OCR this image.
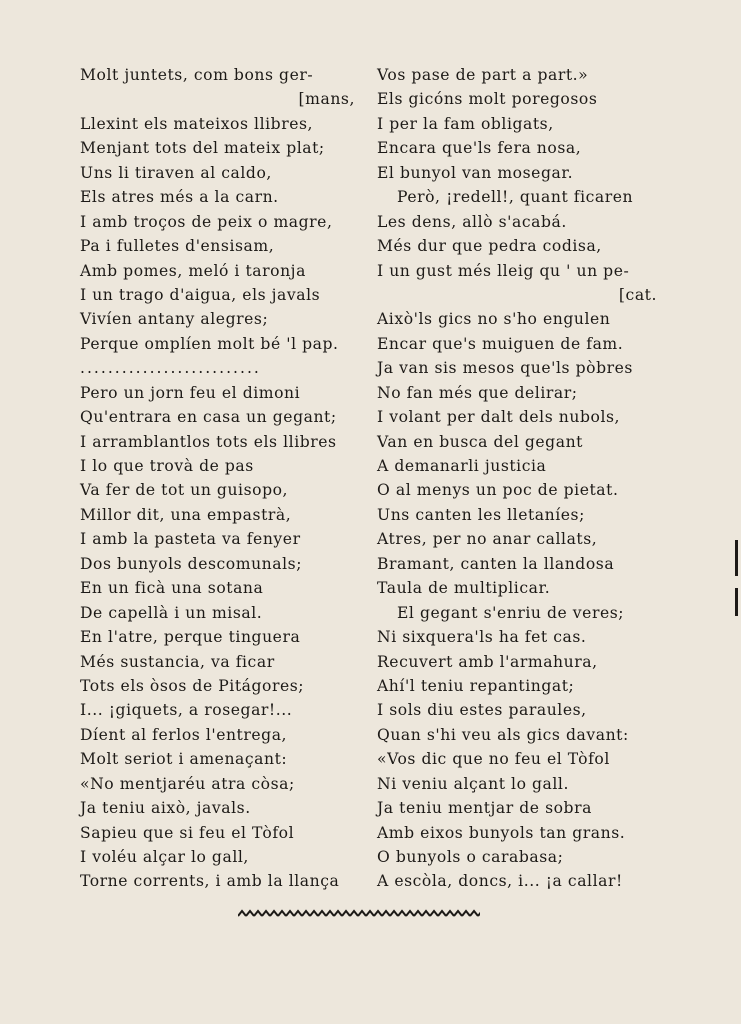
Molt juntets, com bons ger-
[mans,
Llexint els mateixos llibres,
Menjant tots del mateix plat;
Uns li tiraven al caldo,
Els atres més a la carn.
I amb troços de peix o magre,
Pa i fulletes d'ensisam,
Amb pomes, meló i taronja
I un trago d'aigua, els javals
Vivíen antany alegres;
Perque omplíen molt bé 'l pap.
..........................
Pero un jorn feu el dimoni
Qu'entrara en casa un gegant;
I arramblantlos tots els llibres
I lo que trovà de pas
Va fer de tot un guisopo,
Millor dit, una empastrà,
I amb la pasteta va fenyer
Dos bunyols descomunals;
En un ficà una sotana
De capellà i un misal.
En l'atre, perque tinguera
Més sustancia, va ficar
Tots els òsos de Pitágores;
I... ¡giquets, a rosegar!...
Díent al ferlos l'entrega,
Molt seriot i amenaçant:
«No mentjaréu atra còsa;
Ja teniu això, javals.
Sapieu que si feu el Tòfol
I voléu alçar lo gall,
Torne corrents, i amb la llança
Vos pase de part a part.»
Els gicóns molt poregosos
I per la fam obligats,
Encara que'ls fera nosa,
El bunyol van mosegar.
Però, ¡redell!, quant ficaren
Les dens, allò s'acabá.
Més dur que pedra codisa,
I un gust més lleig qu ' un pe-
[cat.
Això'ls gics no s'ho engulen
Encar que's muiguen de fam.
Ja van sis mesos que'ls pòbres
No fan més que delirar;
I volant per dalt dels nubols,
Van en busca del gegant
A demanarli justicia
O al menys un poc de pietat.
Uns canten les lletaníes;
Atres, per no anar callats,
Bramant, canten la llandosa
Taula de multiplicar.
El gegant s'enriu de veres;
Ni sixquera'ls ha fet cas.
Recuvert amb l'armahura,
Ahí'l teniu repantingat;
I sols diu estes paraules,
Quan s'hi veu als gics davant:
«Vos dic que no feu el Tòfol
Ni veniu alçant lo gall.
Ja teniu mentjar de sobra
Amb eixos bunyols tan grans.
O bunyols o carabasa;
A escòla, doncs, i... ¡a callar!
